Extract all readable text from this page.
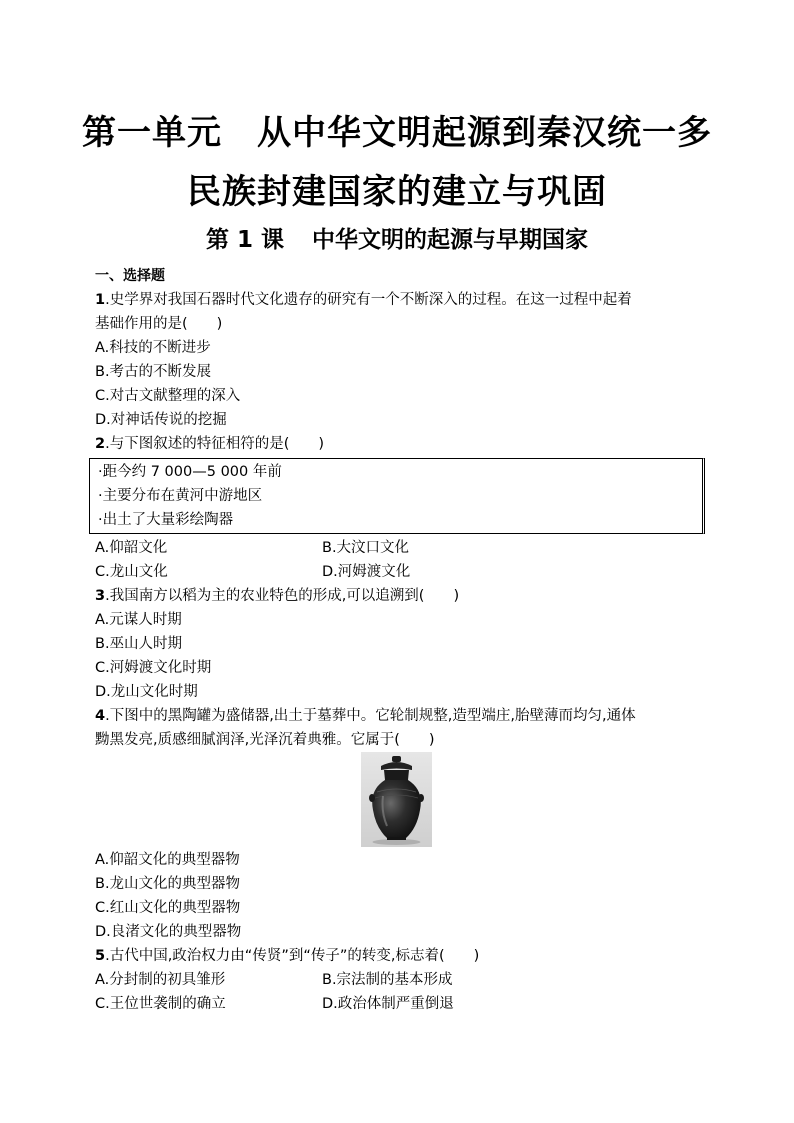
第一单元　从中华文明起源到秦汉统一多
民族封建国家的建立与巩固
第 1 课 中华文明的起源与早期国家
一、选择题
1.史学界对我国石器时代文化遗存的研究有一个不断深入的过程。在这一过程中起着
基础作用的是(　　)
A.科技的不断进步
B.考古的不断发展
C.对古文献整理的深入
D.对神话传说的挖掘
2.与下图叙述的特征相符的是(　　)
·距今约 7 000—5 000 年前
·主要分布在黄河中游地区
·出土了大量彩绘陶器
A.仰韶文化	B.大汶口文化
C.龙山文化	D.河姆渡文化
3.我国南方以稻为主的农业特色的形成,可以追溯到(　　)
A.元谋人时期
B.巫山人时期
C.河姆渡文化时期
D.龙山文化时期
4.下图中的黑陶罐为盛储器,出土于墓葬中。它轮制规整,造型端庄,胎壁薄而均匀,通体
黝黑发亮,质感细腻润泽,光泽沉着典雅。它属于(　　)
A.仰韶文化的典型器物
B.龙山文化的典型器物
C.红山文化的典型器物
D.良渚文化的典型器物
5.古代中国,政治权力由“传贤”到“传子”的转变,标志着(　　)
A.分封制的初具雏形	B.宗法制的基本形成
C.王位世袭制的确立	D.政治体制严重倒退
